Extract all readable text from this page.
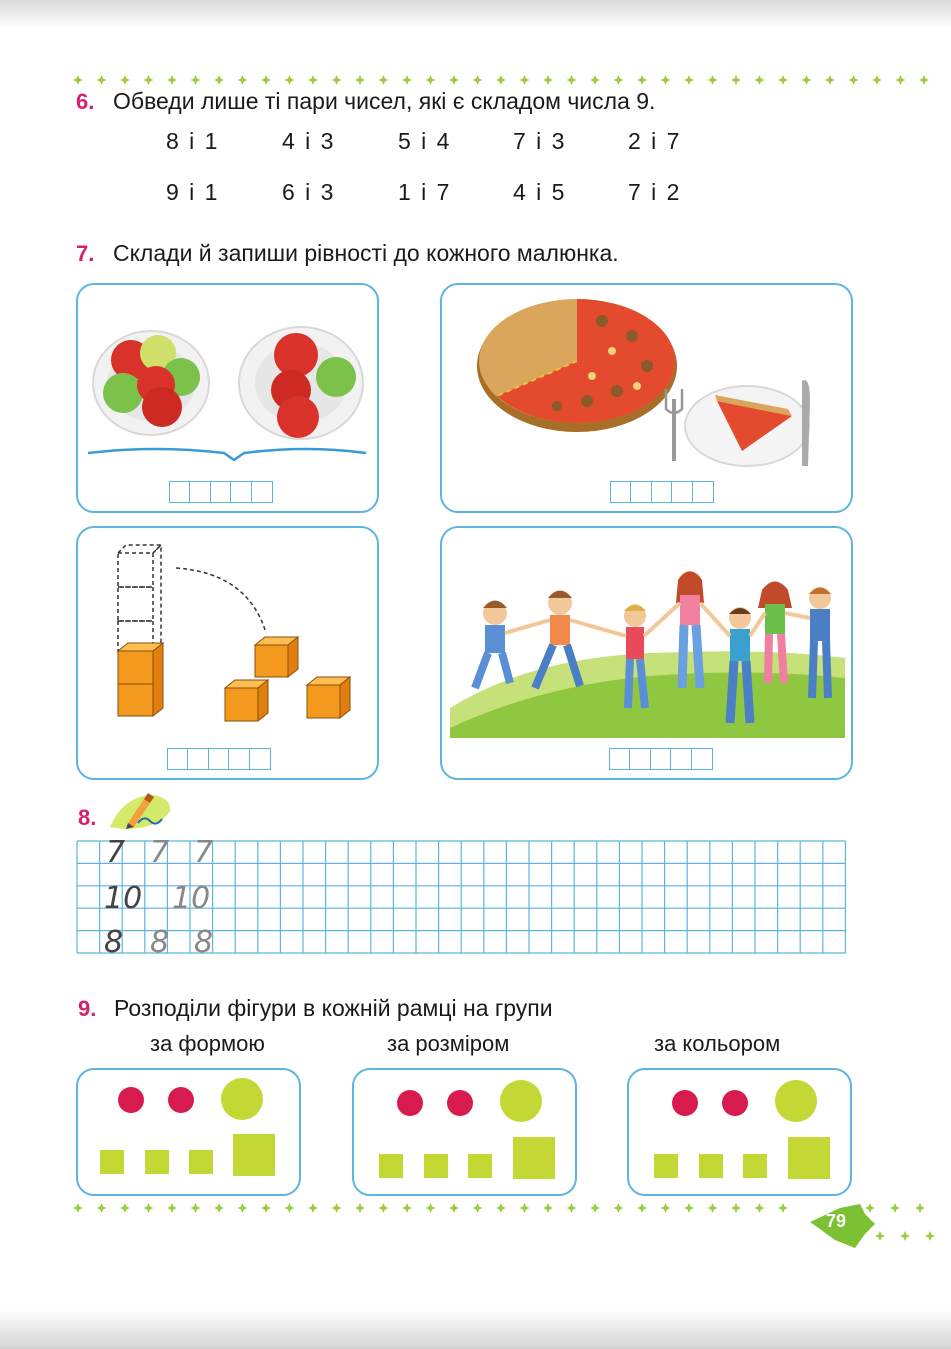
6. Обведи лише ті пари чисел, які є складом числа 9.
8 і 1	4 і 3	5 і 4	7 і 3	2 і 7
9 і 1	6 і 3	1 і 7	4 і 5	7 і 2
7. Склади й запиши рівності до кожного малюнка.
8.
7 7 7
10 10
8 8 8
9. Розподіли фігури в кожній рамці на групи
за формою	за розміром	за кольором
79
